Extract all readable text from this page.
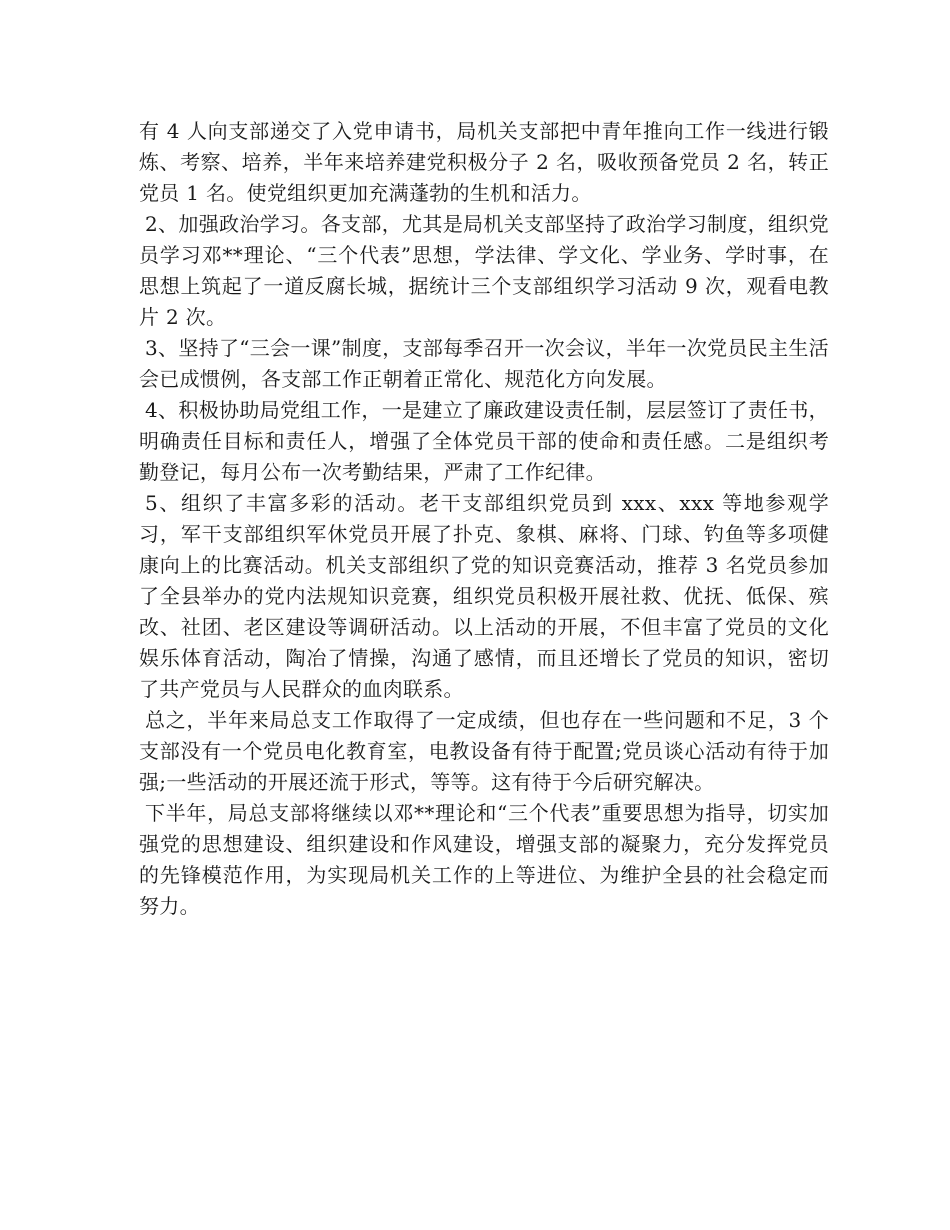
有 4 人向支部递交了入党申请书，局机关支部把中青年推向工作一线进行锻炼、考察、培养，半年来培养建党积极分子 2 名，吸收预备党员 2 名，转正党员 1 名。使党组织更加充满蓬勃的生机和活力。

2、加强政治学习。各支部，尤其是局机关支部坚持了政治学习制度，组织党员学习邓**理论、“三个代表”思想，学法律、学文化、学业务、学时事，在思想上筑起了一道反腐长城，据统计三个支部组织学习活动 9 次，观看电教片 2 次。

3、坚持了“三会一课”制度，支部每季召开一次会议，半年一次党员民主生活会已成惯例，各支部工作正朝着正常化、规范化方向发展。

4、积极协助局党组工作，一是建立了廉政建设责任制，层层签订了责任书，明确责任目标和责任人，增强了全体党员干部的使命和责任感。二是组织考勤登记，每月公布一次考勤结果，严肃了工作纪律。

5、组织了丰富多彩的活动。老干支部组织党员到 xxx、xxx 等地参观学习，军干支部组织军休党员开展了扑克、象棋、麻将、门球、钓鱼等多项健康向上的比赛活动。机关支部组织了党的知识竞赛活动，推荐 3 名党员参加了全县举办的党内法规知识竞赛，组织党员积极开展社救、优抚、低保、殡改、社团、老区建设等调研活动。以上活动的开展，不但丰富了党员的文化娱乐体育活动，陶冶了情操，沟通了感情，而且还增长了党员的知识，密切了共产党员与人民群众的血肉联系。

总之，半年来局总支工作取得了一定成绩，但也存在一些问题和不足，3 个支部没有一个党员电化教育室，电教设备有待于配置;党员谈心活动有待于加强;一些活动的开展还流于形式，等等。这有待于今后研究解决。

下半年，局总支部将继续以邓**理论和“三个代表”重要思想为指导，切实加强党的思想建设、组织建设和作风建设，增强支部的凝聚力，充分发挥党员的先锋模范作用，为实现局机关工作的上等进位、为维护全县的社会稳定而努力。
